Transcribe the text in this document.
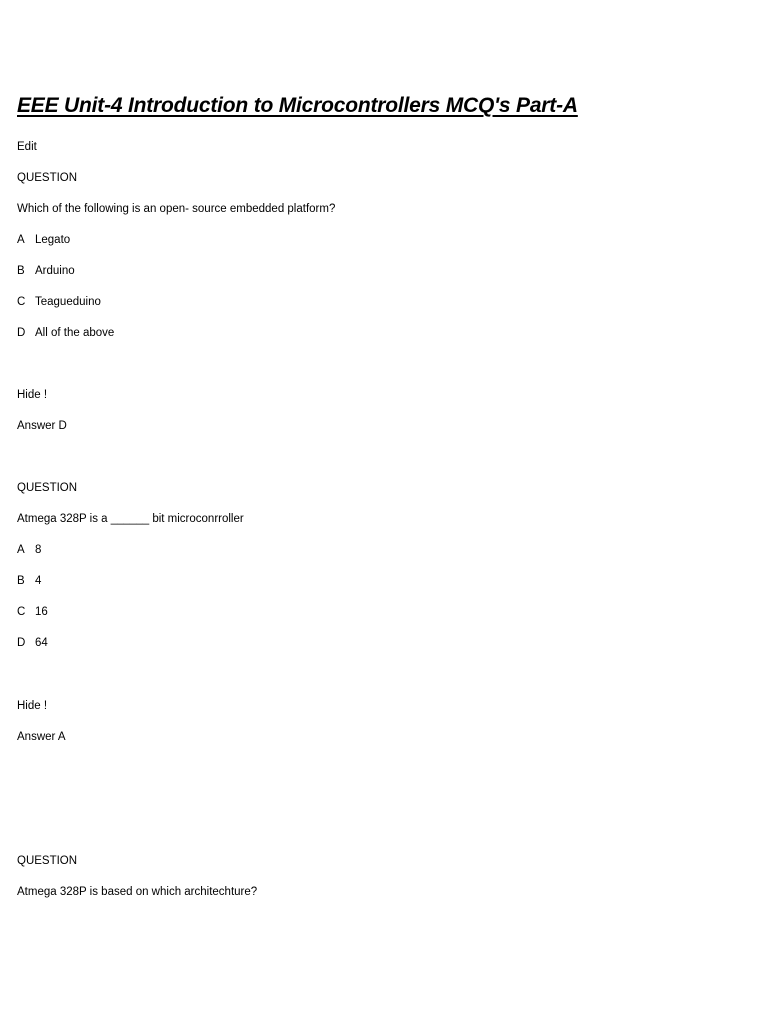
EEE Unit-4 Introduction to Microcontrollers MCQ's Part-A
Edit
QUESTION
Which of the following is an open- source embedded platform?
A Legato
B Arduino
C Teagueduino
D All of the above
Hide !
Answer D
QUESTION
Atmega 328P is a ______ bit microconrroller
A 8
B 4
C 16
D 64
Hide !
Answer A
QUESTION
Atmega 328P is based on which architechture?
